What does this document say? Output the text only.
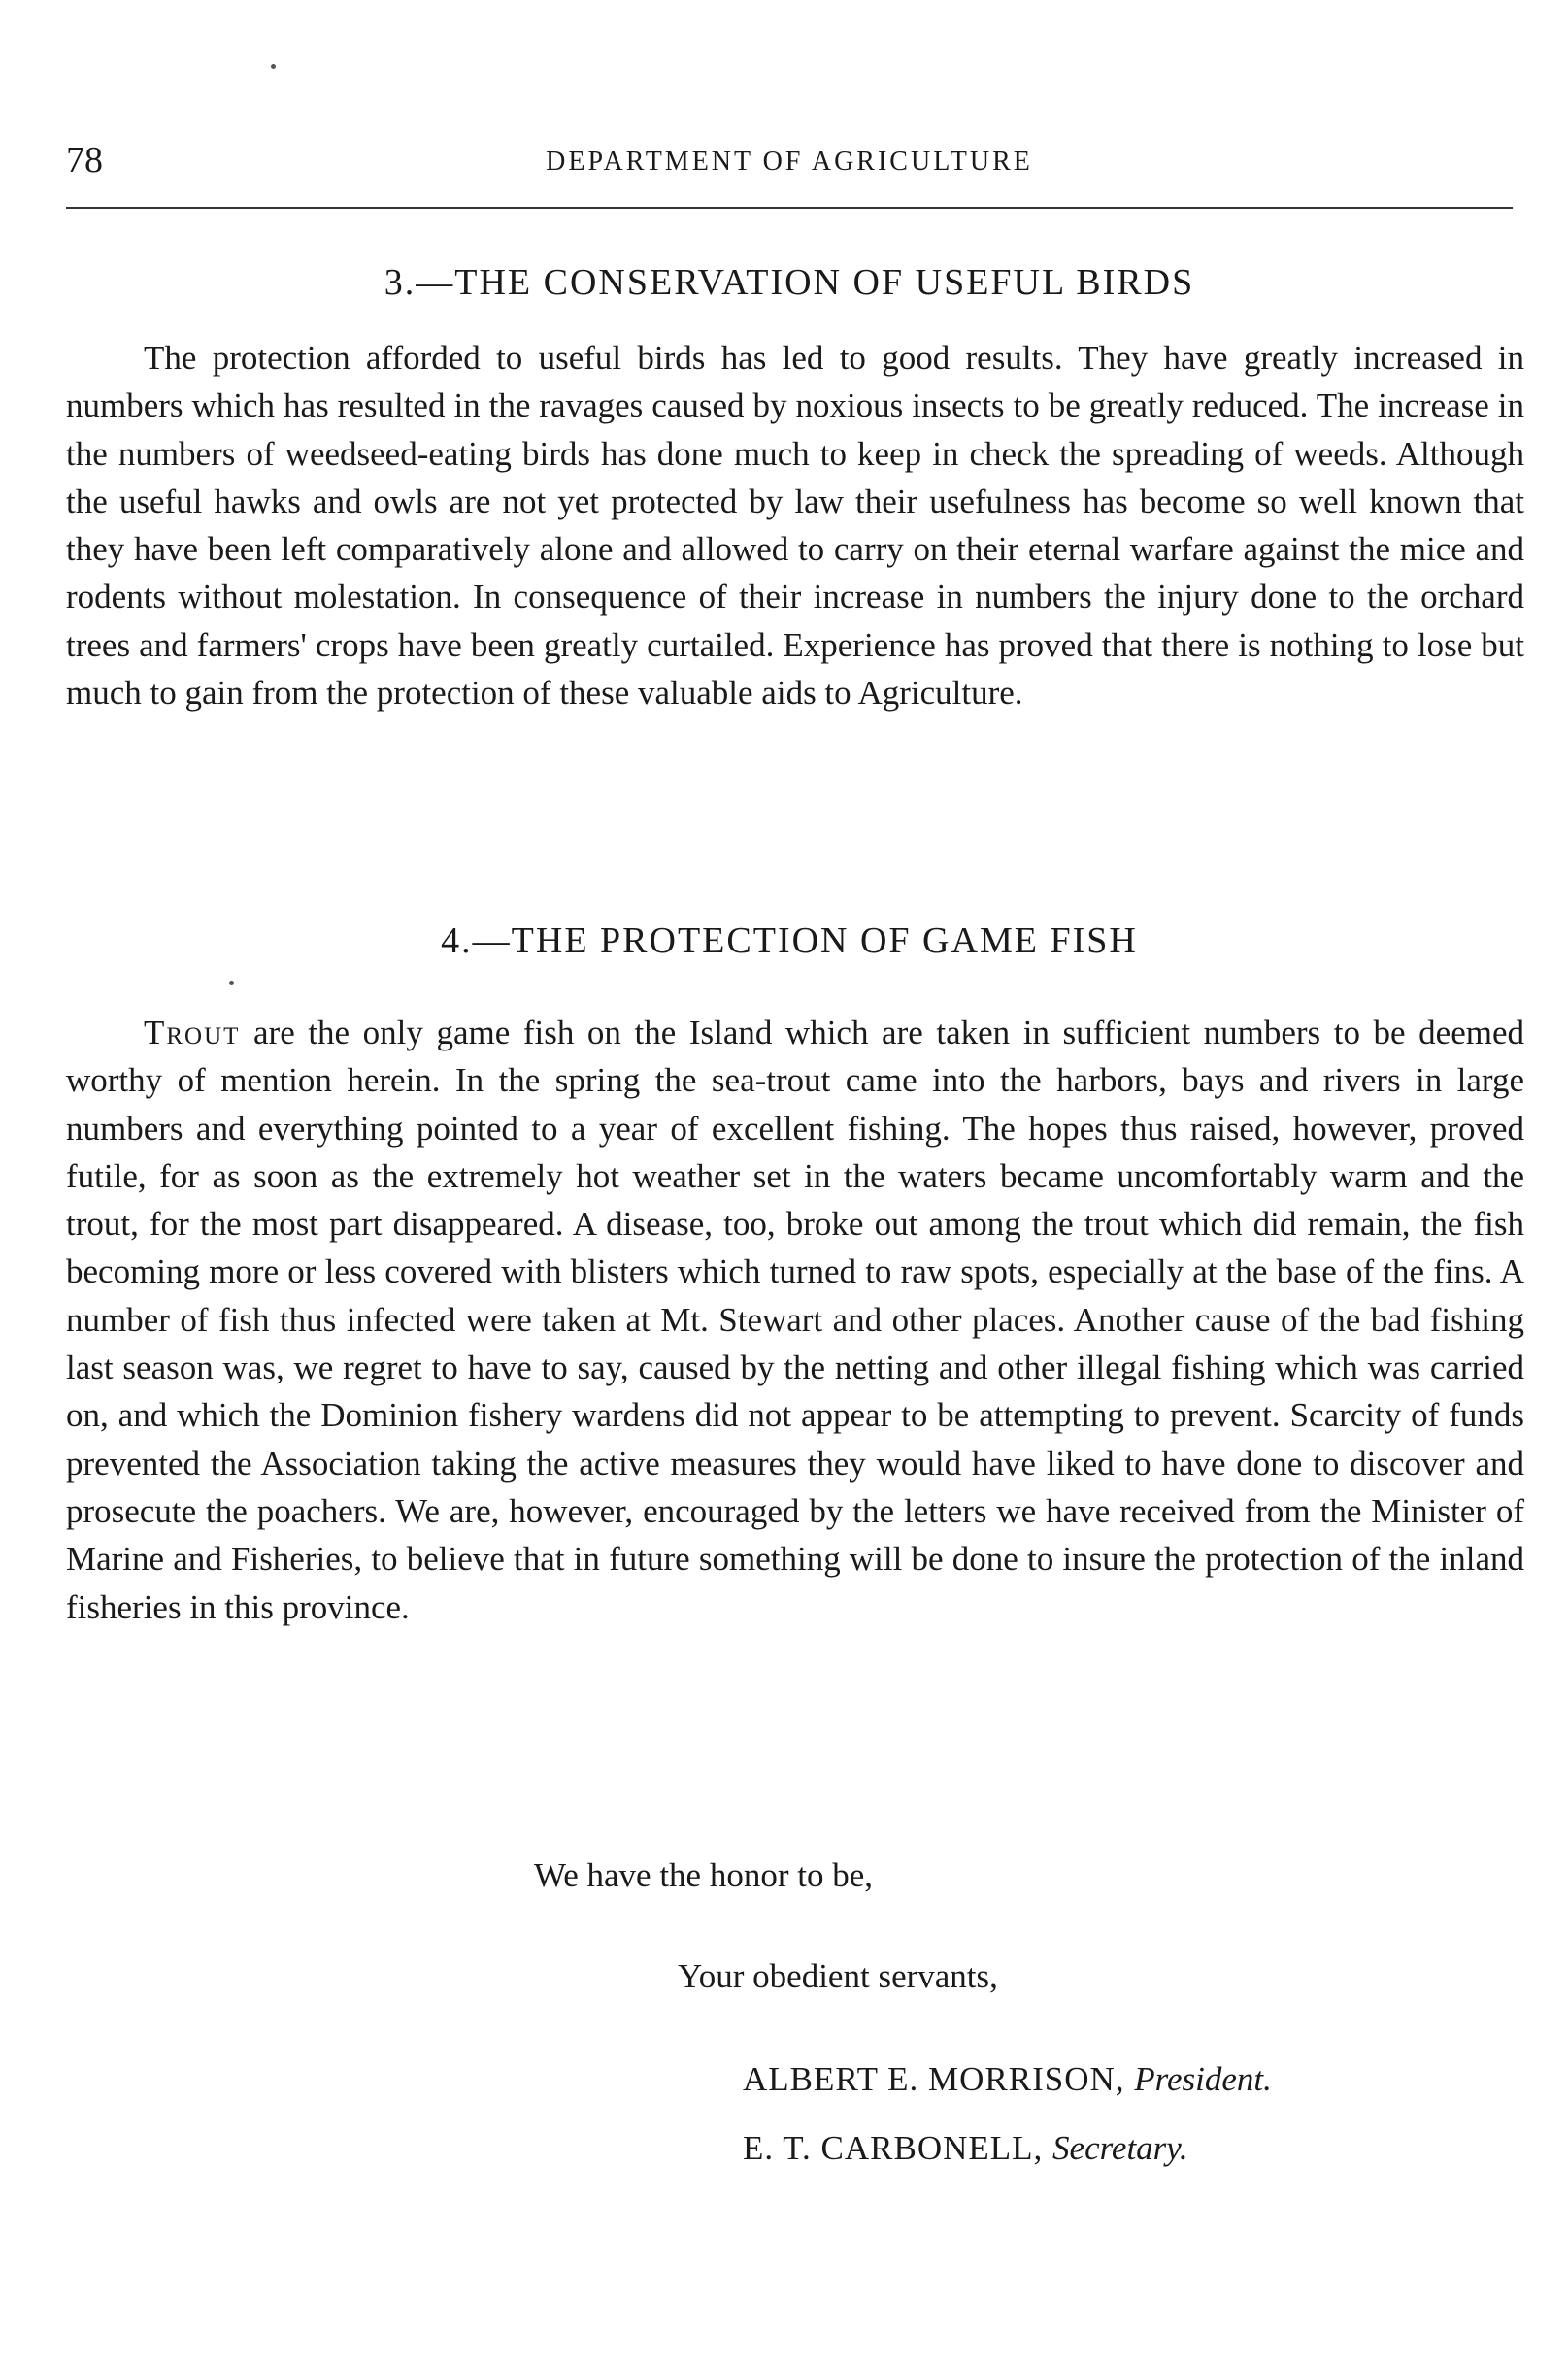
78	DEPARTMENT OF AGRICULTURE
3.—THE CONSERVATION OF USEFUL BIRDS
The protection afforded to useful birds has led to good results. They have greatly increased in numbers which has resulted in the ravages caused by noxious insects to be greatly reduced. The increase in the numbers of weedseed-eating birds has done much to keep in check the spreading of weeds. Although the useful hawks and owls are not yet protected by law their usefulness has become so well known that they have been left comparatively alone and allowed to carry on their eternal warfare against the mice and rodents without molestation. In consequence of their increase in numbers the injury done to the orchard trees and farmers' crops have been greatly curtailed. Experience has proved that there is nothing to lose but much to gain from the protection of these valuable aids to Agriculture.
4.—THE PROTECTION OF GAME FISH
Trout are the only game fish on the Island which are taken in sufficient numbers to be deemed worthy of mention herein. In the spring the sea-trout came into the harbors, bays and rivers in large numbers and everything pointed to a year of excellent fishing. The hopes thus raised, however, proved futile, for as soon as the extremely hot weather set in the waters became uncomfortably warm and the trout, for the most part disappeared. A disease, too, broke out among the trout which did remain, the fish becoming more or less covered with blisters which turned to raw spots, especially at the base of the fins. A number of fish thus infected were taken at Mt. Stewart and other places. Another cause of the bad fishing last season was, we regret to have to say, caused by the netting and other illegal fishing which was carried on, and which the Dominion fishery wardens did not appear to be attempting to prevent. Scarcity of funds prevented the Association taking the active measures they would have liked to have done to discover and prosecute the poachers. We are, however, encouraged by the letters we have received from the Minister of Marine and Fisheries, to believe that in future something will be done to insure the protection of the inland fisheries in this province.
We have the honor to be,
Your obedient servants,
ALBERT E. MORRISON, President.
E. T. CARBONELL, Secretary.
